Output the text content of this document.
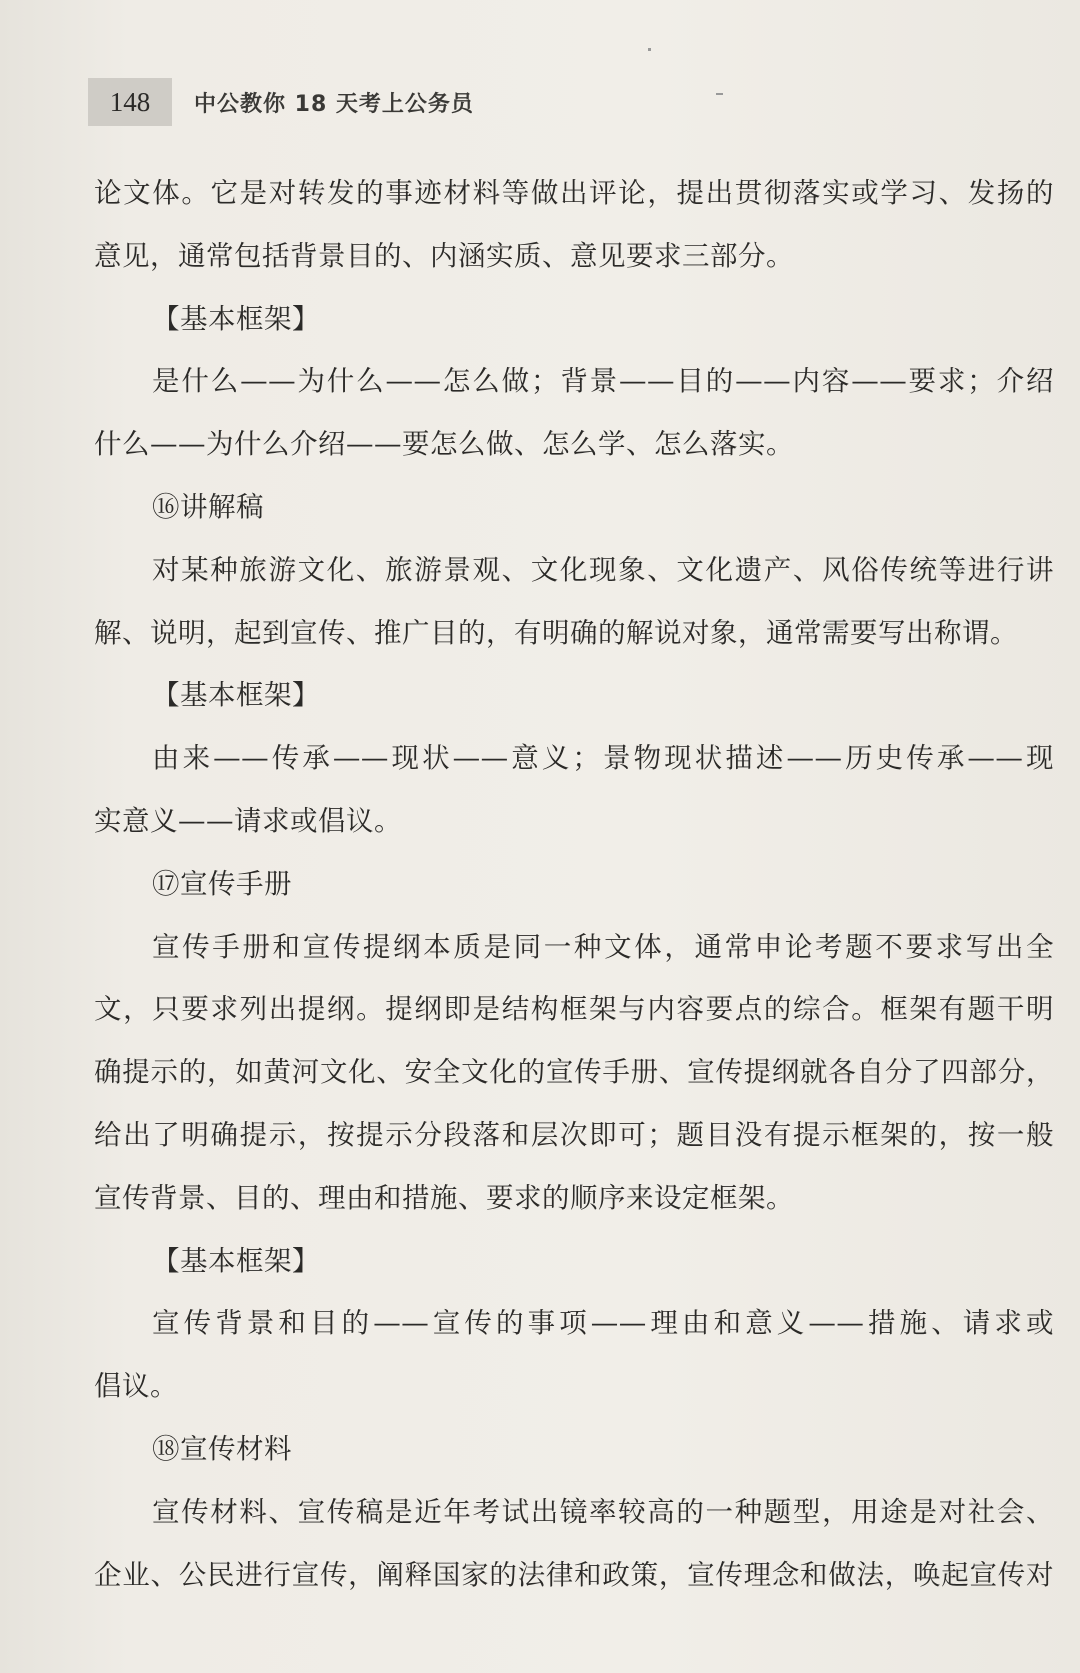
148	中公教你 18 天考上公务员
论文体。它是对转发的事迹材料等做出评论，提出贯彻落实或学习、发扬的
意见，通常包括背景目的、内涵实质、意见要求三部分。
【基本框架】
是什么——为什么——怎么做；背景——目的——内容——要求；介绍
什么——为什么介绍——要怎么做、怎么学、怎么落实。
⑯讲解稿
对某种旅游文化、旅游景观、文化现象、文化遗产、风俗传统等进行讲
解、说明，起到宣传、推广目的，有明确的解说对象，通常需要写出称谓。
【基本框架】
由来——传承——现状——意义；景物现状描述——历史传承——现
实意义——请求或倡议。
⑰宣传手册
宣传手册和宣传提纲本质是同一种文体，通常申论考题不要求写出全
文，只要求列出提纲。提纲即是结构框架与内容要点的综合。框架有题干明
确提示的，如黄河文化、安全文化的宣传手册、宣传提纲就各自分了四部分，
给出了明确提示，按提示分段落和层次即可；题目没有提示框架的，按一般
宣传背景、目的、理由和措施、要求的顺序来设定框架。
【基本框架】
宣传背景和目的——宣传的事项——理由和意义——措施、请求或
倡议。
⑱宣传材料
宣传材料、宣传稿是近年考试出镜率较高的一种题型，用途是对社会、
企业、公民进行宣传，阐释国家的法律和政策，宣传理念和做法，唤起宣传对
